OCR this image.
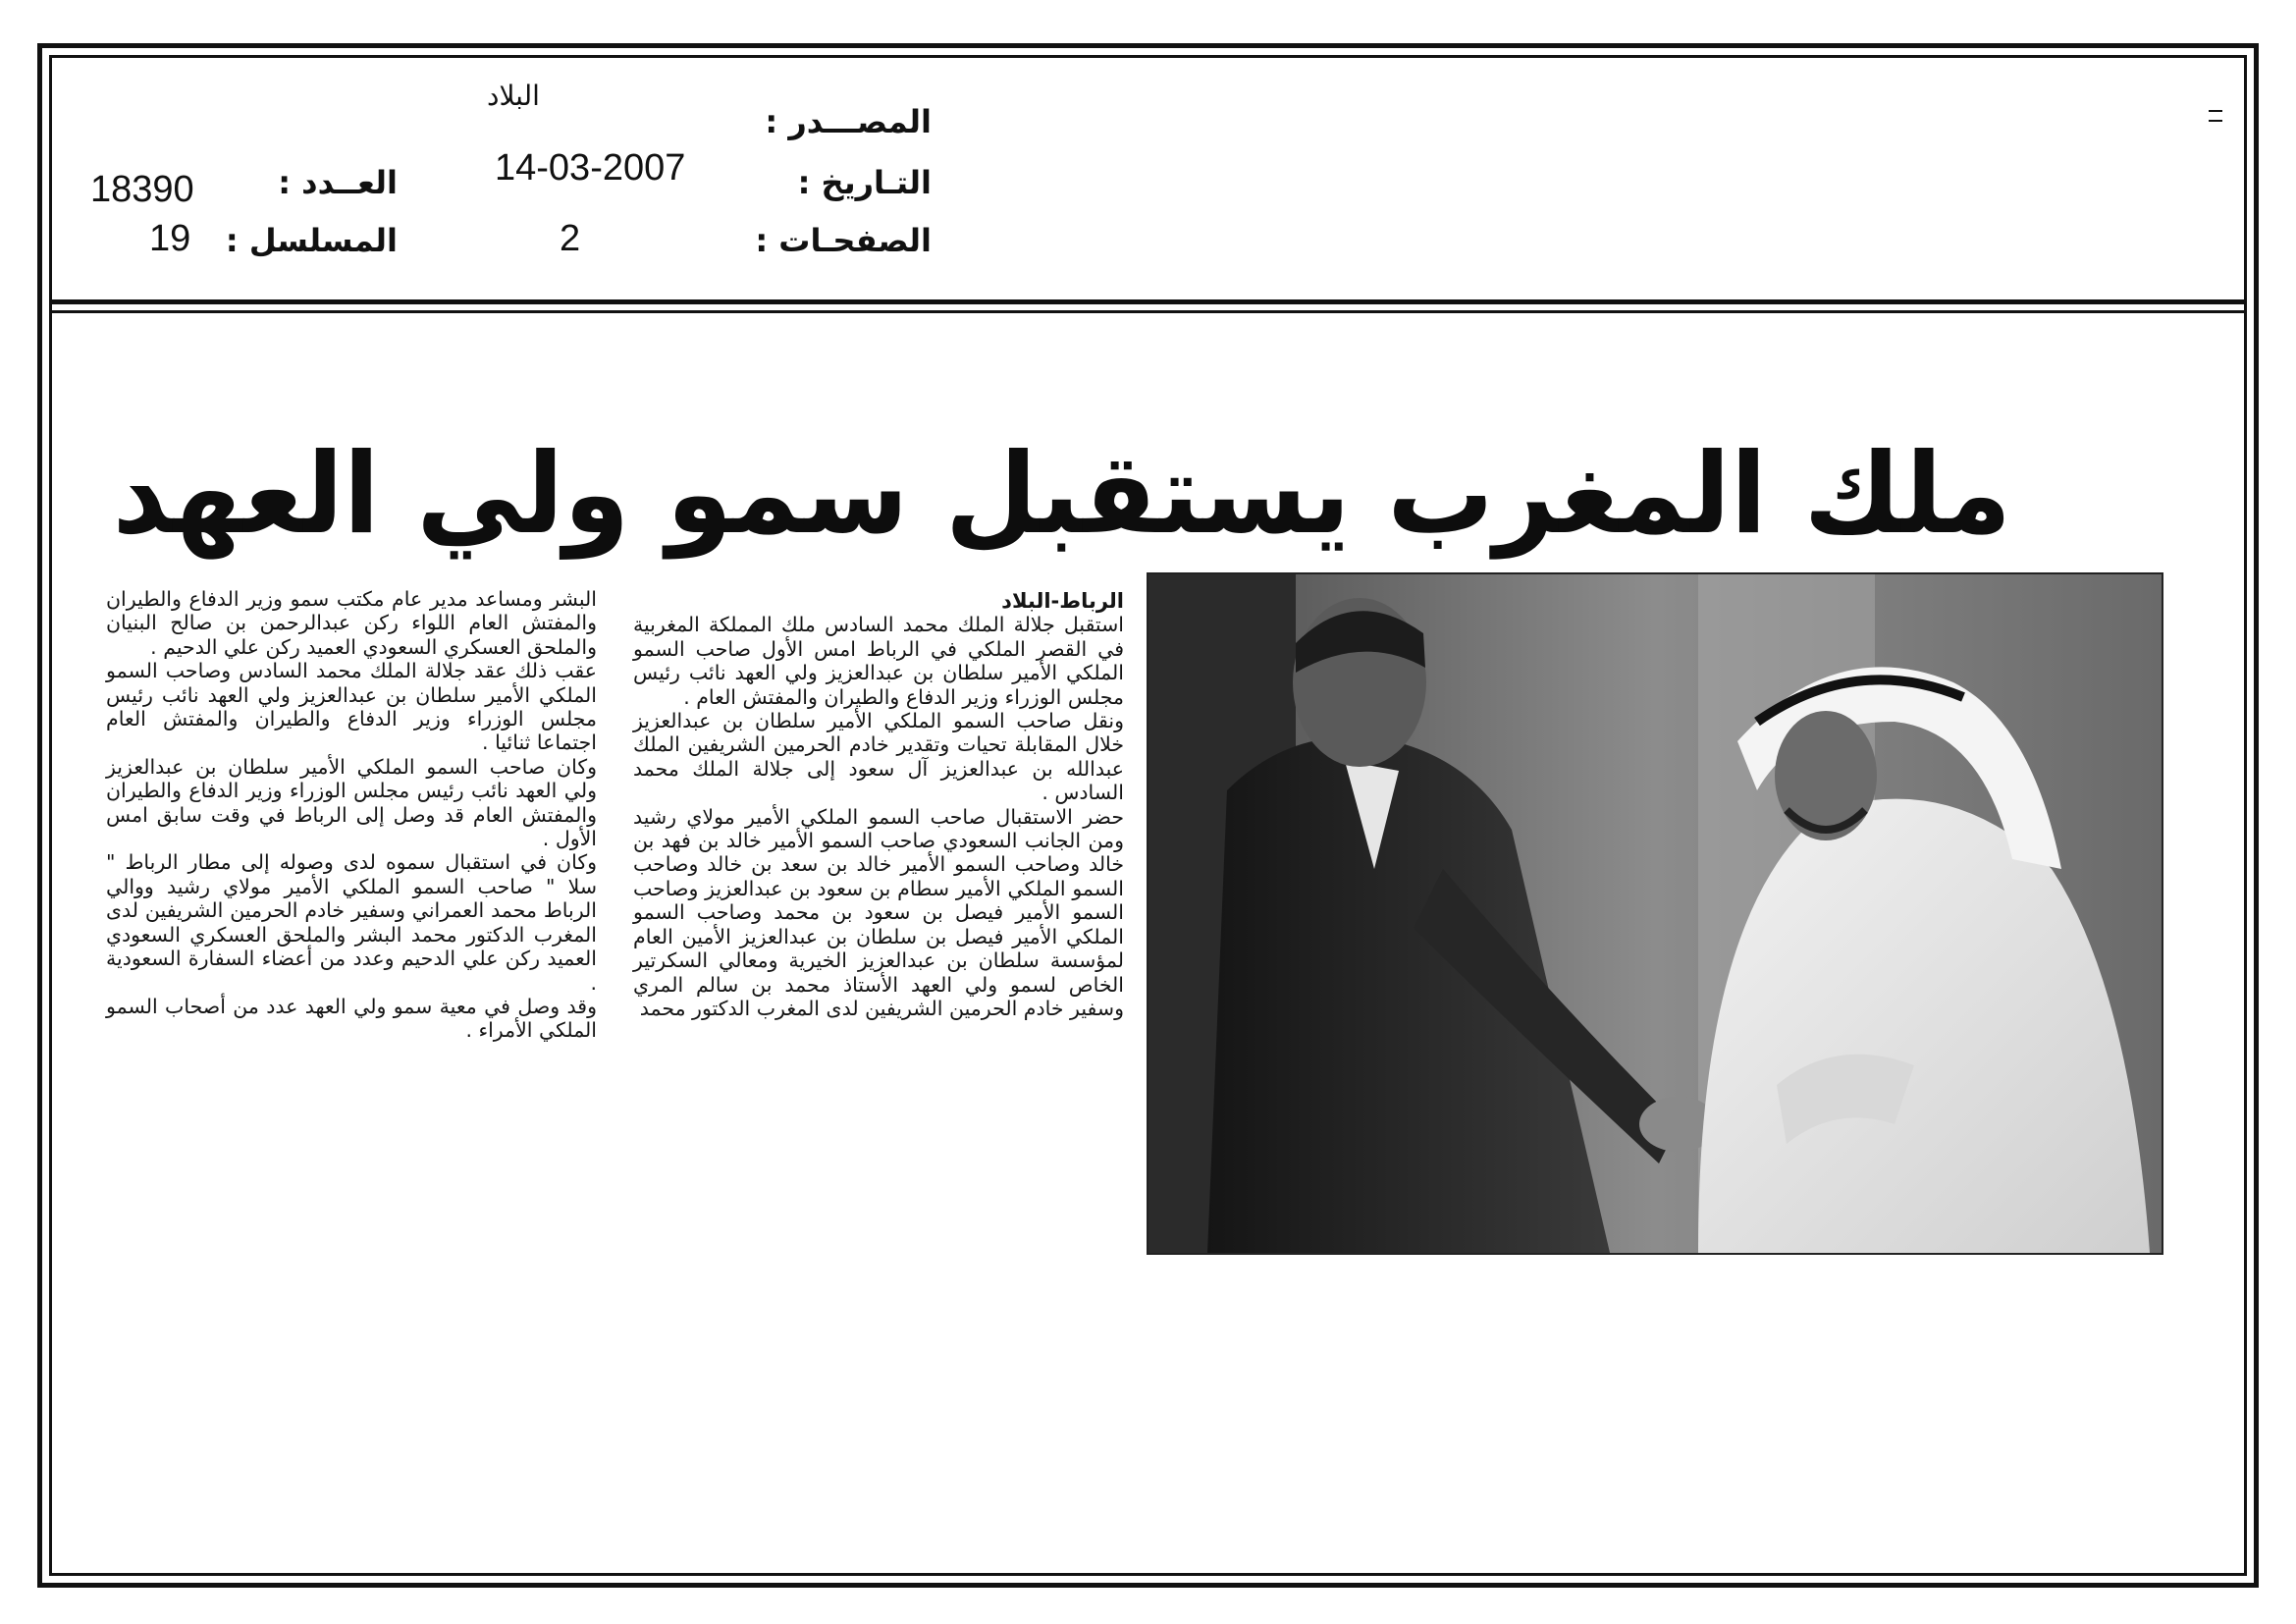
المصـــدر :
البلاد
التـاريخ :
14-03-2007
الصفحـات :
2
العــدد :
18390
المسلسل :
19
ملك المغرب يستقبل سمو ولي العهد

الرباط-البلاد

استقبل جلالة الملك محمد السادس ملك المملكة المغربية في القصر الملكي في الرباط امس الأول صاحب السمو الملكي الأمير سلطان بن عبدالعزيز ولي العهد نائب رئيس مجلس الوزراء وزير الدفاع والطيران والمفتش العام .

ونقل صاحب السمو الملكي الأمير سلطان بن عبدالعزيز خلال المقابلة تحيات وتقدير خادم الحرمين الشريفين الملك عبدالله بن عبدالعزيز آل سعود إلى جلالة الملك محمد السادس .

حضر الاستقبال صاحب السمو الملكي الأمير مولاي رشيد ومن الجانب السعودي صاحب السمو الأمير خالد بن فهد بن خالد وصاحب السمو الأمير خالد بن سعد بن خالد وصاحب السمو الملكي الأمير سطام بن سعود بن عبدالعزيز وصاحب السمو الأمير فيصل بن سعود بن محمد وصاحب السمو الملكي الأمير فيصل بن سلطان بن عبدالعزيز الأمين العام لمؤسسة سلطان بن عبدالعزيز الخيرية ومعالي السكرتير الخاص لسمو ولي العهد الأستاذ محمد بن سالم المري وسفير خادم الحرمين الشريفين لدى المغرب الدكتور محمد

البشر ومساعد مدير عام مكتب سمو وزير الدفاع والطيران والمفتش العام اللواء ركن عبدالرحمن بن صالح البنيان والملحق العسكري السعودي العميد ركن علي الدحيم .

عقب ذلك عقد جلالة الملك محمد السادس وصاحب السمو الملكي الأمير سلطان بن عبدالعزيز ولي العهد نائب رئيس مجلس الوزراء وزير الدفاع والطيران والمفتش العام اجتماعا ثنائيا .

وكان صاحب السمو الملكي الأمير سلطان بن عبدالعزيز ولي العهد نائب رئيس مجلس الوزراء وزير الدفاع والطيران والمفتش العام قد وصل إلى الرباط في وقت سابق امس الأول .

وكان في استقبال سموه لدى وصوله إلى مطار الرباط " سلا " صاحب السمو الملكي الأمير مولاي رشيد ووالي الرباط محمد العمراني وسفير خادم الحرمين الشريفين لدى المغرب الدكتور محمد البشر والملحق العسكري السعودي العميد ركن علي الدحيم وعدد من أعضاء السفارة السعودية .

وقد وصل في معية سمو ولي العهد عدد من أصحاب السمو الملكي الأمراء .
